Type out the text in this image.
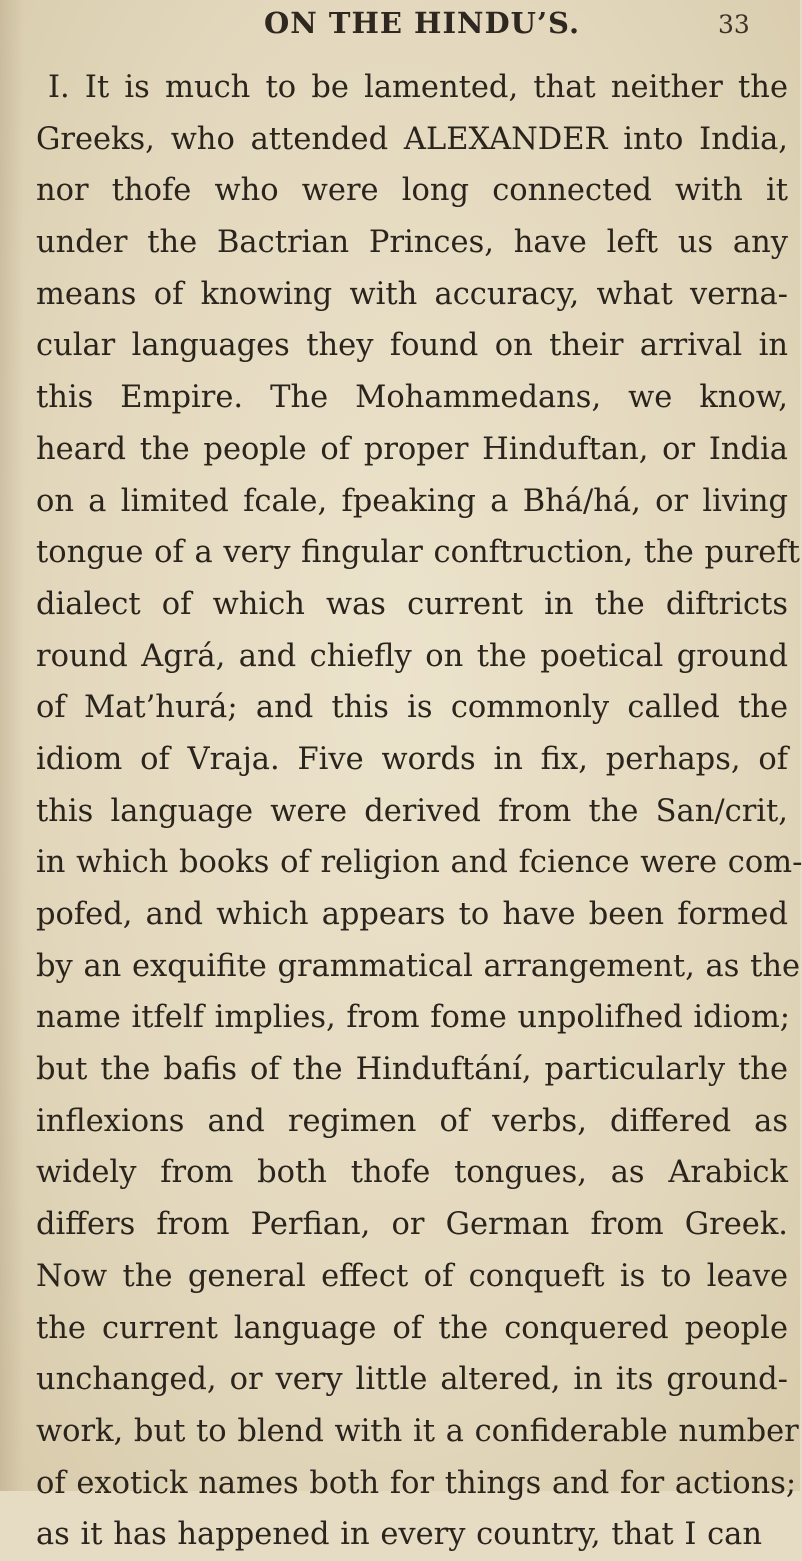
ON THE HINDU’S.	33
I. It is much to be lamented, that neither the
Greeks, who attended ALEXANDER into India,
nor thofe who were long connected with it
under the Bactrian Princes, have left us any
means of knowing with accuracy, what verna-
cular languages they found on their arrival in
this Empire. The Mohammedans, we know,
heard the people of proper Hinduftan, or India
on a limited fcale, fpeaking a Bhá/há, or living
tongue of a very fingular conftruction, the pureft
dialect of which was current in the diftricts
round Agrá, and chiefly on the poetical ground
of Mat’hurá; and this is commonly called the
idiom of Vraja. Five words in fix, perhaps, of
this language were derived from the San/crit,
in which books of religion and fcience were com-
pofed, and which appears to have been formed
by an exquifite grammatical arrangement, as the
name itfelf implies, from fome unpolifhed idiom;
but the bafis of the Hinduftání, particularly the
inflexions and regimen of verbs, differed as
widely from both thofe tongues, as Arabick
differs from Perfian, or German from Greek.
Now the general effect of conqueft is to leave
the current language of the conquered people
unchanged, or very little altered, in its ground-
work, but to blend with it a confiderable number
of exotick names both for things and for actions;
as it has happened in every country, that I can
